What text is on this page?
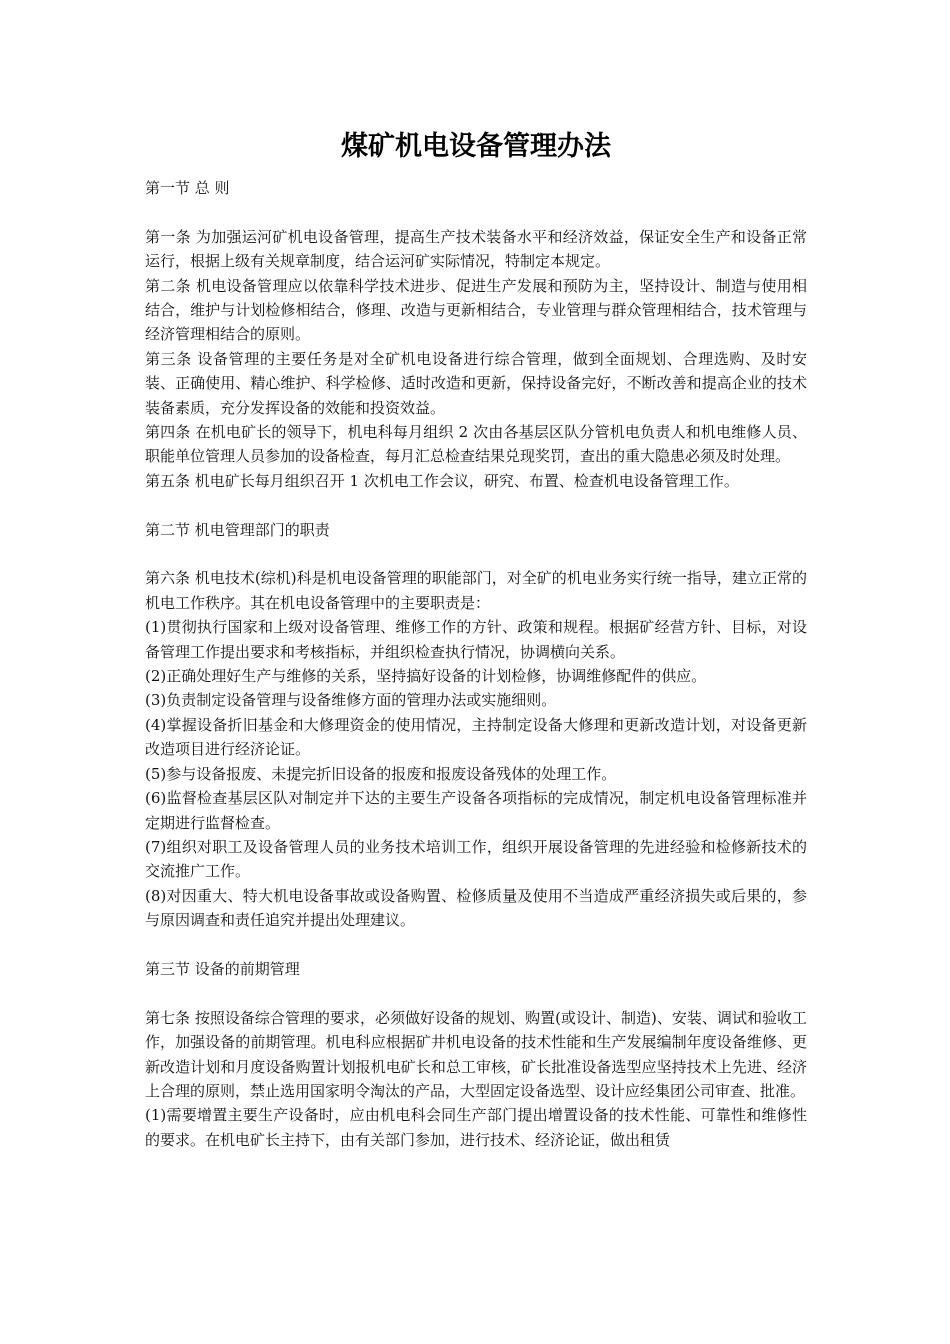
煤矿机电设备管理办法

第一节 总 则

第一条 为加强运河矿机电设备管理，提高生产技术装备水平和经济效益，保证安全生产和设备正常运行，根据上级有关规章制度，结合运河矿实际情况，特制定本规定。

第二条 机电设备管理应以依靠科学技术进步、促进生产发展和预防为主，坚持设计、制造与使用相结合，维护与计划检修相结合，修理、改造与更新相结合，专业管理与群众管理相结合，技术管理与经济管理相结合的原则。

第三条 设备管理的主要任务是对全矿机电设备进行综合管理，做到全面规划、合理选购、及时安装、正确使用、精心维护、科学检修、适时改造和更新，保持设备完好，不断改善和提高企业的技术装备素质，充分发挥设备的效能和投资效益。

第四条 在机电矿长的领导下，机电科每月组织 2 次由各基层区队分管机电负责人和机电维修人员、职能单位管理人员参加的设备检查，每月汇总检查结果兑现奖罚，查出的重大隐患必须及时处理。

第五条 机电矿长每月组织召开 1 次机电工作会议，研究、布置、检查机电设备管理工作。

第二节 机电管理部门的职责

第六条 机电技术(综机)科是机电设备管理的职能部门，对全矿的机电业务实行统一指导，建立正常的机电工作秩序。其在机电设备管理中的主要职责是：

(1)贯彻执行国家和上级对设备管理、维修工作的方针、政策和规程。根据矿经营方针、目标，对设备管理工作提出要求和考核指标，并组织检查执行情况，协调横向关系。

(2)正确处理好生产与维修的关系，坚持搞好设备的计划检修，协调维修配件的供应。

(3)负责制定设备管理与设备维修方面的管理办法或实施细则。

(4)掌握设备折旧基金和大修理资金的使用情况，主持制定设备大修理和更新改造计划，对设备更新改造项目进行经济论证。

(5)参与设备报废、未提完折旧设备的报废和报废设备残体的处理工作。

(6)监督检查基层区队对制定并下达的主要生产设备各项指标的完成情况，制定机电设备管理标准并定期进行监督检查。

(7)组织对职工及设备管理人员的业务技术培训工作，组织开展设备管理的先进经验和检修新技术的交流推广工作。

(8)对因重大、特大机电设备事故或设备购置、检修质量及使用不当造成严重经济损失或后果的，参与原因调查和责任追究并提出处理建议。

第三节 设备的前期管理

第七条 按照设备综合管理的要求，必须做好设备的规划、购置(或设计、制造)、安装、调试和验收工作，加强设备的前期管理。机电科应根据矿井机电设备的技术性能和生产发展编制年度设备维修、更新改造计划和月度设备购置计划报机电矿长和总工审核，矿长批准设备选型应坚持技术上先进、经济上合理的原则，禁止选用国家明令淘汰的产品，大型固定设备选型、设计应经集团公司审查、批准。

(1)需要增置主要生产设备时，应由机电科会同生产部门提出增置设备的技术性能、可靠性和维修性的要求。在机电矿长主持下，由有关部门参加，进行技术、经济论证，做出租赁
